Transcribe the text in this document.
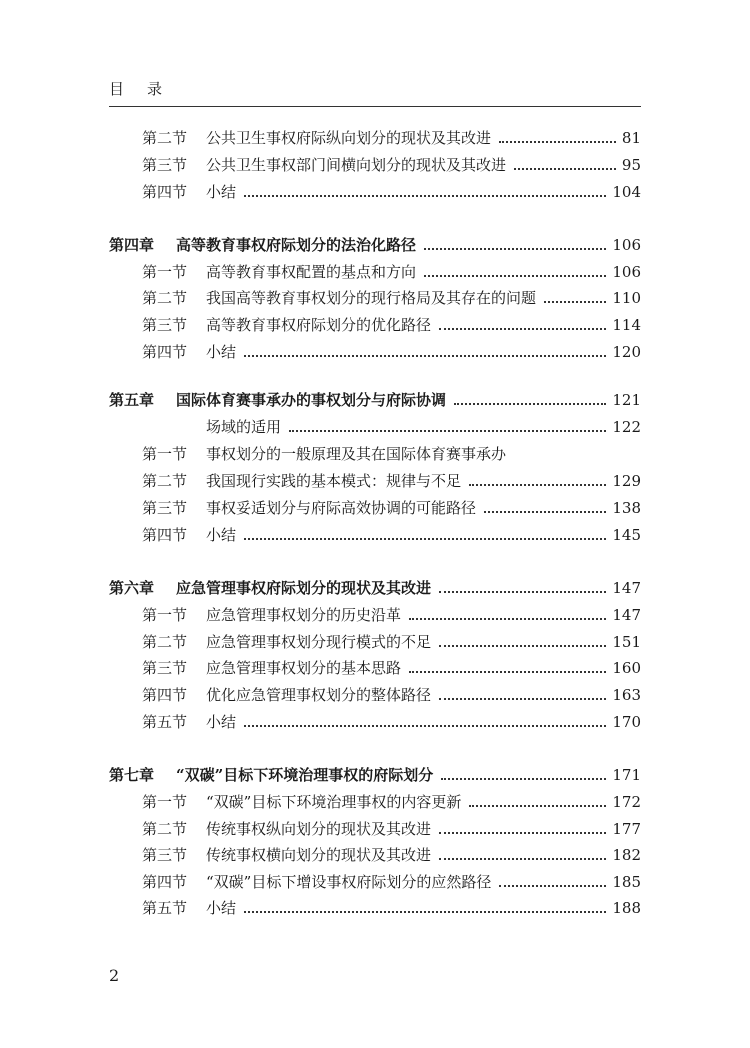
目 录
第二节	公共卫生事权府际纵向划分的现状及其改进	81
第三节	公共卫生事权部门间横向划分的现状及其改进	95
第四节	小结	104
第四章	高等教育事权府际划分的法治化路径	106
第一节	高等教育事权配置的基点和方向	106
第二节	我国高等教育事权划分的现行格局及其存在的问题	110
第三节	高等教育事权府际划分的优化路径	114
第四节	小结	120
第五章	国际体育赛事承办的事权划分与府际协调	121
第一节	事权划分的一般原理及其在国际体育赛事承办
场域的适用	122
第二节	我国现行实践的基本模式：规律与不足	129
第三节	事权妥适划分与府际高效协调的可能路径	138
第四节	小结	145
第六章	应急管理事权府际划分的现状及其改进	147
第一节	应急管理事权划分的历史沿革	147
第二节	应急管理事权划分现行模式的不足	151
第三节	应急管理事权划分的基本思路	160
第四节	优化应急管理事权划分的整体路径	163
第五节	小结	170
第七章	“双碳”目标下环境治理事权的府际划分	171
第一节	“双碳”目标下环境治理事权的内容更新	172
第二节	传统事权纵向划分的现状及其改进	177
第三节	传统事权横向划分的现状及其改进	182
第四节	“双碳”目标下增设事权府际划分的应然路径	185
第五节	小结	188
2
